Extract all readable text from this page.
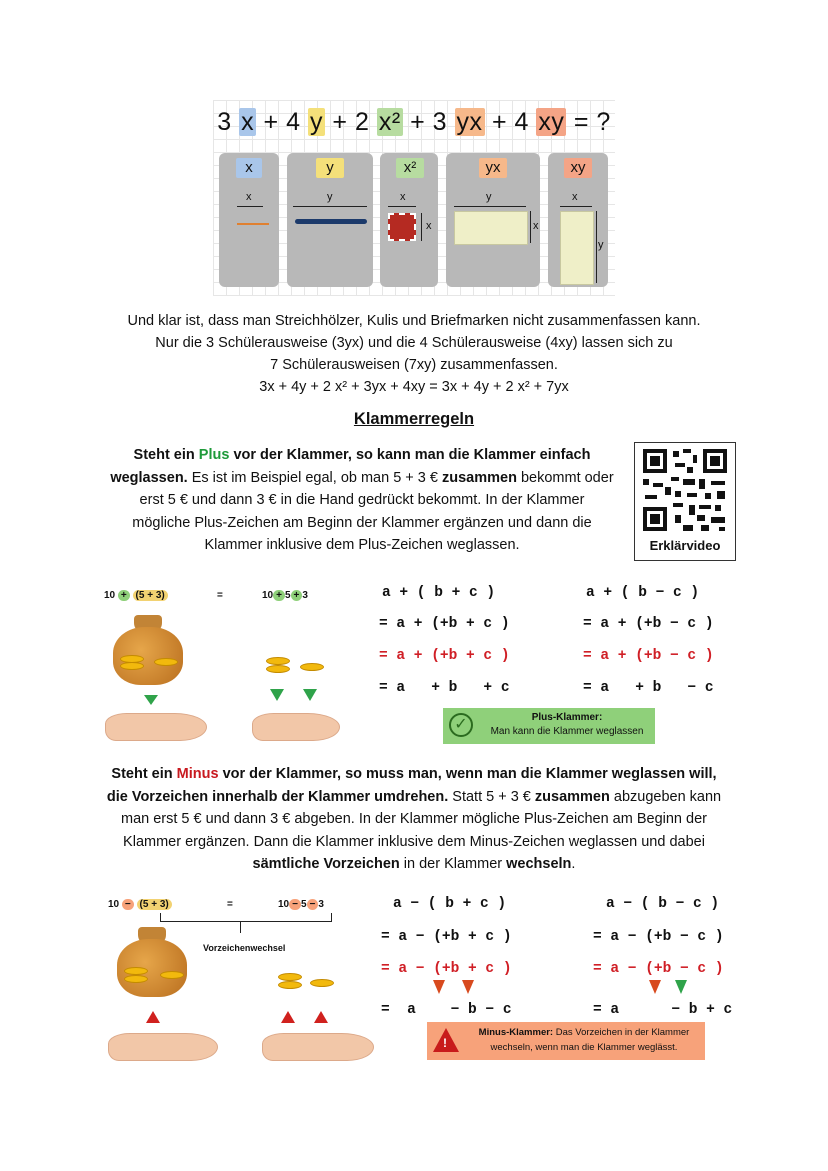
3 x + 4 y + 2 x² + 3 yx + 4 xy = ?
x
x
y
y
x²
x
x
yx
y
x
xy
x
y
Und klar ist, dass man Streichhölzer, Kulis und Briefmarken nicht zusammenfassen kann.
Nur die 3 Schülerausweise (3yx) und die 4 Schülerausweise (4xy) lassen sich zu
7 Schülerausweisen (7xy) zusammenfassen.
3x + 4y + 2 x² + 3yx + 4xy = 3x + 4y + 2 x² + 7yx
Klammerregeln
Steht ein Plus vor der Klammer, so kann man die Klammer einfach
weglassen. Es ist im Beispiel egal, ob man 5 + 3 € zusammen bekommt oder
erst 5 € und dann 3 € in die Hand gedrückt bekommt. In der Klammer
mögliche Plus-Zeichen am Beginn der Klammer ergänzen und dann die
Klammer inklusive dem Plus-Zeichen weglassen.	Erklärvideo
10 + (5 + 3)	=	10 + 5 + 3	a + ( b + c )
= a + (+b + c )
= a + (+b + c )
= a   + b   + c
a + ( b − c )
= a + (+b − c )
= a + (+b − c )
= a   + b   − c
✓	Plus-Klammer:
Man kann die Klammer weglassen
Steht ein Minus vor der Klammer, so muss man, wenn man die Klammer weglassen will,
die Vorzeichen innerhalb der Klammer umdrehen. Statt 5 + 3 € zusammen abzugeben kann
man erst 5 € und dann 3 € abgeben. In der Klammer mögliche Plus-Zeichen am Beginn der
Klammer ergänzen. Dann die Klammer inklusive dem Minus-Zeichen weglassen und dabei
sämtliche Vorzeichen in der Klammer wechseln.
10 − (5 + 3)	=	10 − 5 − 3
Vorzeichenwechsel
a − ( b + c )
= a − (+b + c )
= a − (+b + c )
=  a    − b − c
a − ( b − c )
= a − (+b − c )
= a − (+b − c )
= a      − b + c
!
Minus-Klammer: Das Vorzeichen in der Klammer
wechseln, wenn man die Klammer weglässt.
